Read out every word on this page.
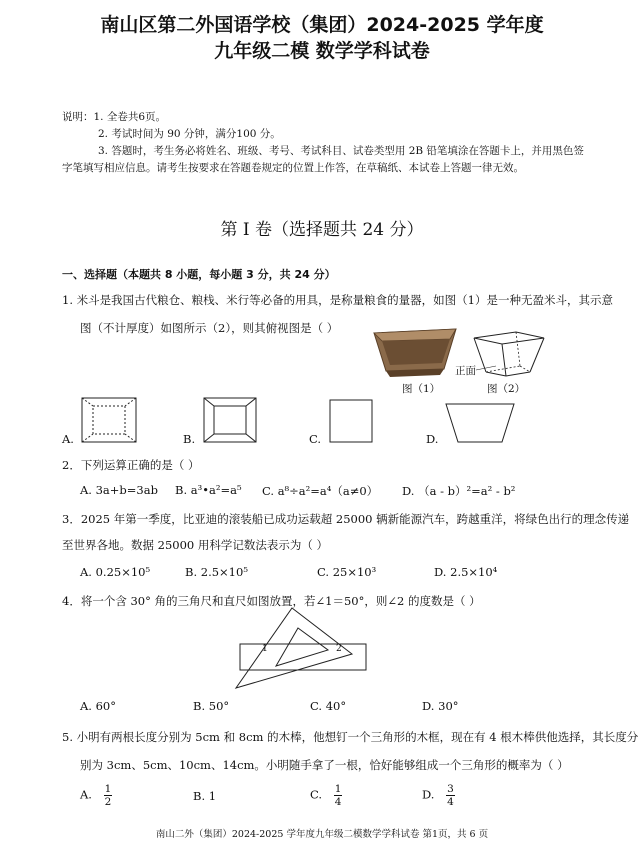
南山区第二外国语学校（集团）2024-2025 学年度
九年级二模 数学学科试卷
说明：1. 全卷共6页。
2. 考试时间为 90 分钟，满分100 分。
3. 答题时，考生务必将姓名、班级、考号、考试科目、试卷类型用 2B 铅笔填涂在答题卡上，并用黑色签
字笔填写相应信息。请考生按要求在答题卷规定的位置上作答，在草稿纸、本试卷上答题一律无效。
第 I 卷（选择题共 24 分）
一、选择题（本题共 8 小题，每小题 3 分，共 24 分）
1. 米斗是我国古代粮仓、粮栈、米行等必备的用具，是称量粮食的量器，如图（1）是一种无盈米斗，其示意
图（不计厚度）如图所示（2），则其俯视图是（ ）
图（1）
正面
图（2）
A.	B.	C.	D.
2．下列运算正确的是（ ）
A. 3a+b=3ab B. a³•a²=a⁵ C. a⁸÷a²=a⁴（a≠0） D. （a - b）²=a² - b²
3．2025 年第一季度，比亚迪的滚装船已成功运载超 25000 辆新能源汽车，跨越重洋，将绿色出行的理念传递
至世界各地。数据 25000 用科学记数法表示为（ ）
A. 0.25×10⁵	B. 2.5×10⁵	C. 25×10³	D. 2.5×10⁴
4．将一个含 30° 角的三角尺和直尺如图放置，若∠1＝50°，则∠2 的度数是（ ）
1	2
A. 60°	B. 50°	C. 40°	D. 30°
5. 小明有两根长度分别为 5cm 和 8cm 的木棒，他想钉一个三角形的木框，现在有 4 根木棒供他选择，其长度分
别为 3cm、5cm、10cm、14cm。小明随手拿了一根，恰好能够组成一个三角形的概率为（ ）
A. $\frac{1}{2}$	B. 1	C. $\frac{1}{4}$	D. $\frac{3}{4}$
南山二外（集团）2024-2025 学年度九年级二模数学学科试卷 第1页，共 6 页
